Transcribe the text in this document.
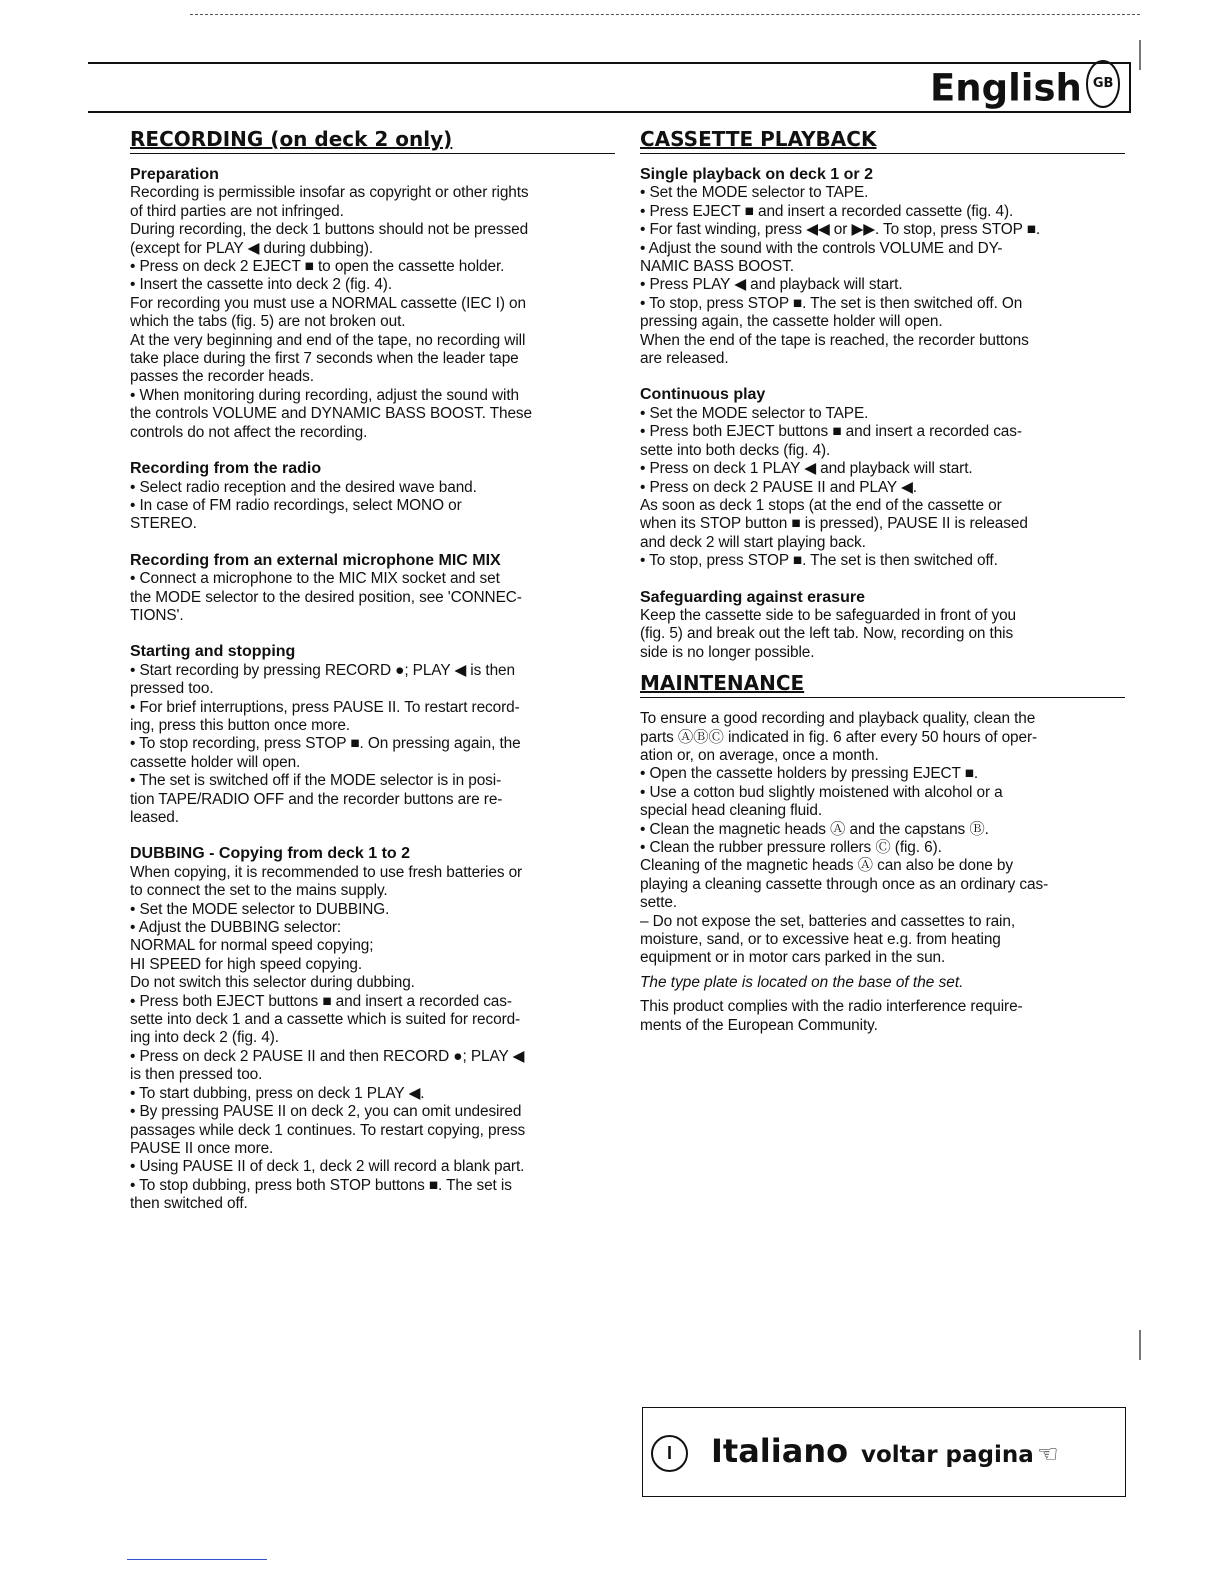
English GB
RECORDING (on deck 2 only)
Preparation

Recording is permissible insofar as copyright or other rights

of third parties are not infringed.

During recording, the deck 1 buttons should not be pressed

(except for PLAY ◀ during dubbing).

• Press on deck 2 EJECT ■ to open the cassette holder.

• Insert the cassette into deck 2 (fig. 4).

For recording you must use a NORMAL cassette (IEC I) on

which the tabs (fig. 5) are not broken out.

At the very beginning and end of the tape, no recording will

take place during the first 7 seconds when the leader tape

passes the recorder heads.

• When monitoring during recording, adjust the sound with

the controls VOLUME and DYNAMIC BASS BOOST. These

controls do not affect the recording.

Recording from the radio

• Select radio reception and the desired wave band.

• In case of FM radio recordings, select MONO or

STEREO.

Recording from an external microphone MIC MIX

• Connect a microphone to the MIC MIX socket and set

the MODE selector to the desired position, see 'CONNEC-

TIONS'.

Starting and stopping

• Start recording by pressing RECORD ●; PLAY ◀ is then

pressed too.

• For brief interruptions, press PAUSE II. To restart record-

ing, press this button once more.

• To stop recording, press STOP ■. On pressing again, the

cassette holder will open.

• The set is switched off if the MODE selector is in posi-

tion TAPE/RADIO OFF and the recorder buttons are re-

leased.

DUBBING - Copying from deck 1 to 2

When copying, it is recommended to use fresh batteries or

to connect the set to the mains supply.

• Set the MODE selector to DUBBING.

• Adjust the DUBBING selector:

NORMAL for normal speed copying;

HI SPEED for high speed copying.

Do not switch this selector during dubbing.

• Press both EJECT buttons ■ and insert a recorded cas-

sette into deck 1 and a cassette which is suited for record-

ing into deck 2 (fig. 4).

• Press on deck 2 PAUSE II and then RECORD ●; PLAY ◀

is then pressed too.

• To start dubbing, press on deck 1 PLAY ◀.

• By pressing PAUSE II on deck 2, you can omit undesired

passages while deck 1 continues. To restart copying, press

PAUSE II once more.

• Using PAUSE II of deck 1, deck 2 will record a blank part.

• To stop dubbing, press both STOP buttons ■. The set is

then switched off.

CASSETTE PLAYBACK
Single playback on deck 1 or 2

• Set the MODE selector to TAPE.

• Press EJECT ■ and insert a recorded cassette (fig. 4).

• For fast winding, press ◀◀ or ▶▶. To stop, press STOP ■.

• Adjust the sound with the controls VOLUME and DY-

NAMIC BASS BOOST.

• Press PLAY ◀ and playback will start.

• To stop, press STOP ■. The set is then switched off. On

pressing again, the cassette holder will open.

When the end of the tape is reached, the recorder buttons

are released.

Continuous play

• Set the MODE selector to TAPE.

• Press both EJECT buttons ■ and insert a recorded cas-

sette into both decks (fig. 4).

• Press on deck 1 PLAY ◀ and playback will start.

• Press on deck 2 PAUSE II and PLAY ◀.

As soon as deck 1 stops (at the end of the cassette or

when its STOP button ■ is pressed), PAUSE II is released

and deck 2 will start playing back.

• To stop, press STOP ■. The set is then switched off.

Safeguarding against erasure

Keep the cassette side to be safeguarded in front of you

(fig. 5) and break out the left tab. Now, recording on this

side is no longer possible.

MAINTENANCE

To ensure a good recording and playback quality, clean the

parts ⒶⒷⒸ indicated in fig. 6 after every 50 hours of oper-

ation or, on average, once a month.

• Open the cassette holders by pressing EJECT ■.

• Use a cotton bud slightly moistened with alcohol or a

special head cleaning fluid.

• Clean the magnetic heads Ⓐ and the capstans Ⓑ.

• Clean the rubber pressure rollers Ⓒ (fig. 6).

Cleaning of the magnetic heads Ⓐ can also be done by

playing a cleaning cassette through once as an ordinary cas-

sette.

– Do not expose the set, batteries and cassettes to rain,

moisture, sand, or to excessive heat e.g. from heating

equipment or in motor cars parked in the sun.

The type plate is located on the base of the set.

This product complies with the radio interference require-

ments of the European Community.

I	Italiano voltar pagina ☜
